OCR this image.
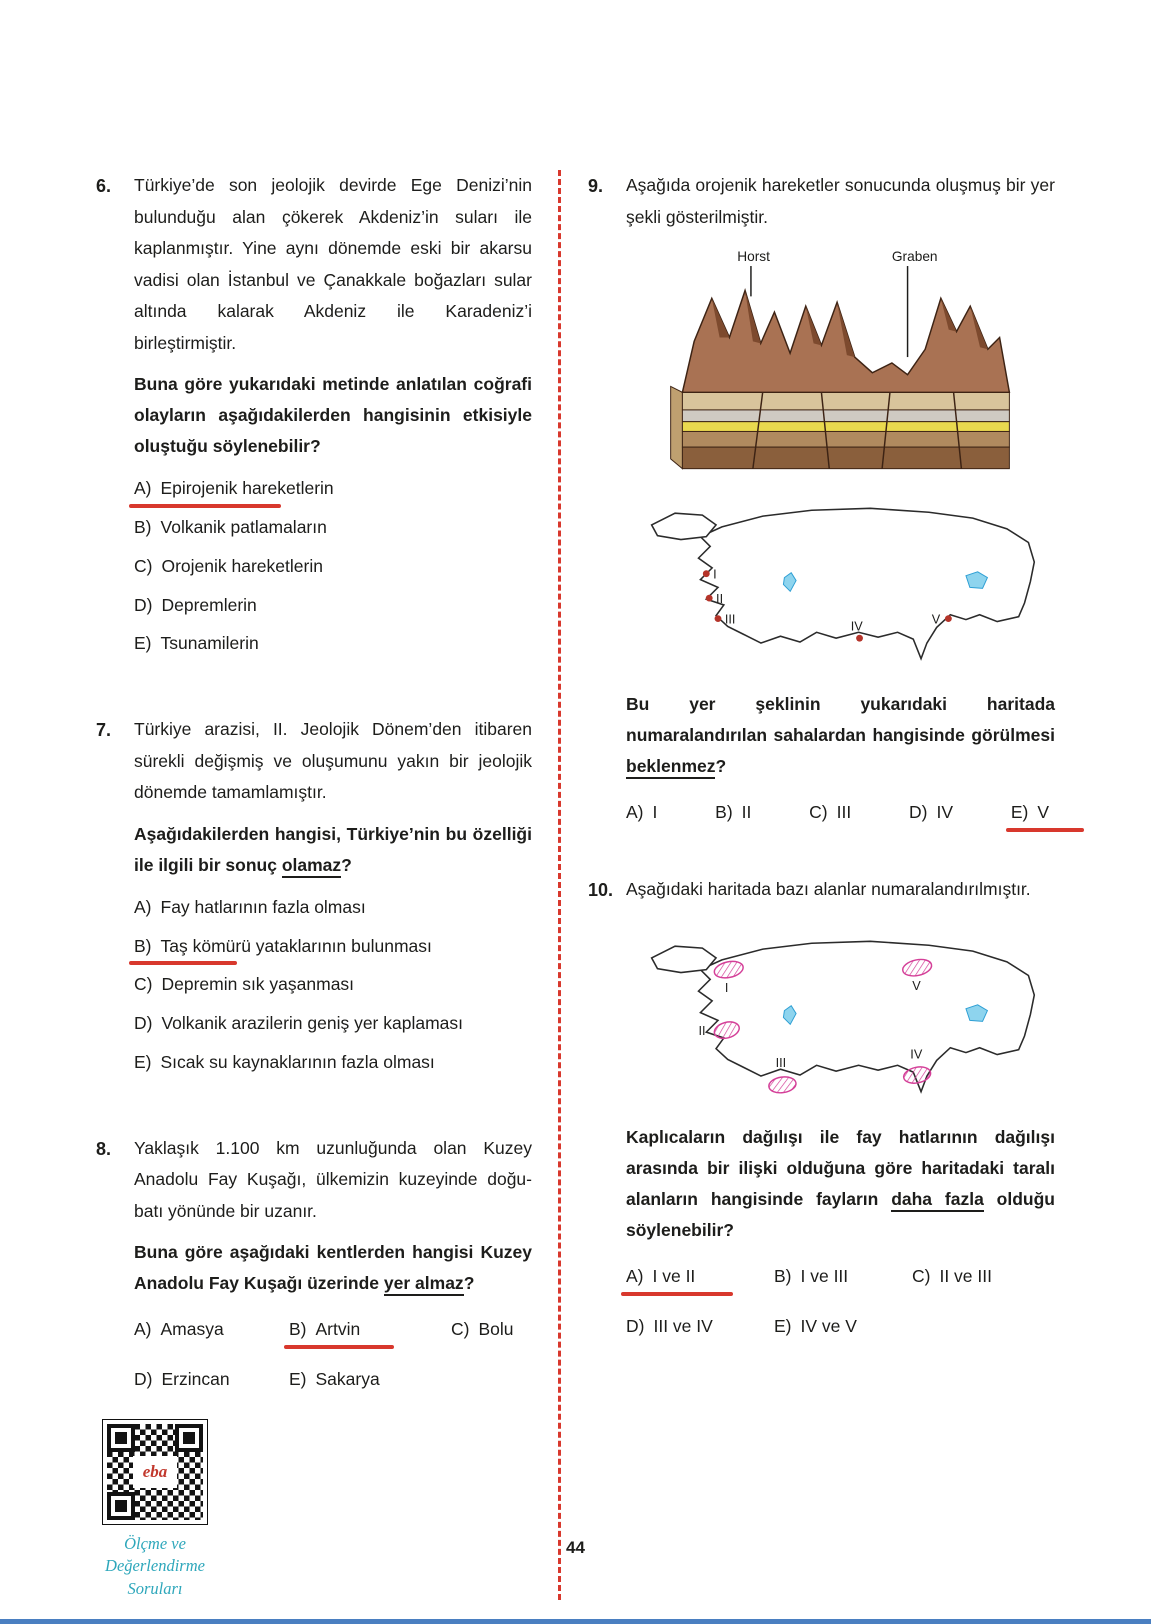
6.	Türkiye’de son jeolojik devirde Ege Denizi’nin bulunduğu alan çökerek Akdeniz’in suları ile kaplanmıştır. Yine aynı dönemde eski bir akarsu vadisi olan İstanbul ve Çanakkale boğazları sular altında kalarak Akdeniz ile Karadeniz’i birleştirmiştir.

Buna göre yukarıdaki metinde anlatılan coğrafi olayların aşağıdakilerden hangisinin etkisiyle oluştuğu söylenebilir?

A) Epirojenik hareketlerin
B) Volkanik patlamaların
C) Orojenik hareketlerin
D) Depremlerin
E) Tsunamilerin
7.	Türkiye arazisi, II. Jeolojik Dönem’den itibaren sürekli değişmiş ve oluşumunu yakın bir jeolojik dönemde tamamlamıştır.

Aşağıdakilerden hangisi, Türkiye’nin bu özelliği ile ilgili bir sonuç olamaz?

A) Fay hatlarının fazla olması
B) Taş kömürü yataklarının bulunması
C) Depremin sık yaşanması
D) Volkanik arazilerin geniş yer kaplaması
E) Sıcak su kaynaklarının fazla olması
8.	Yaklaşık 1.100 km uzunluğunda olan Kuzey Anadolu Fay Kuşağı, ülkemizin kuzeyinde doğu-batı yönünde bir uzanır.

Buna göre aşağıdaki kentlerden hangisi Kuzey Anadolu Fay Kuşağı üzerinde yer almaz?

A) Amasya	B) Artvin	C) Bolu
D) Erzincan	E) Sakarya
eba
Ölçme ve Değerlendirme Soruları
9.	Aşağıda orojenik hareketler sonucunda oluşmuş bir yer şekli gösterilmiştir.

Horst	Graben
I
II
III	IV	V

Bu yer şeklinin yukarıdaki haritada numaralandırılan sahalardan hangisinde görülmesi beklenmez?

A) I	B) II	C) III	D) IV	E) V
10. Aşağıdaki haritada bazı alanlar numaralandırılmıştır.

I	V
II
III
IV

Kaplıcaların dağılışı ile fay hatlarının dağılışı arasında bir ilişki olduğuna göre haritadaki taralı alanların hangisinde fayların daha fazla olduğu söylenebilir?

A) I ve II	B) I ve III	C) II ve III
D) III ve IV	E) IV ve V
44
